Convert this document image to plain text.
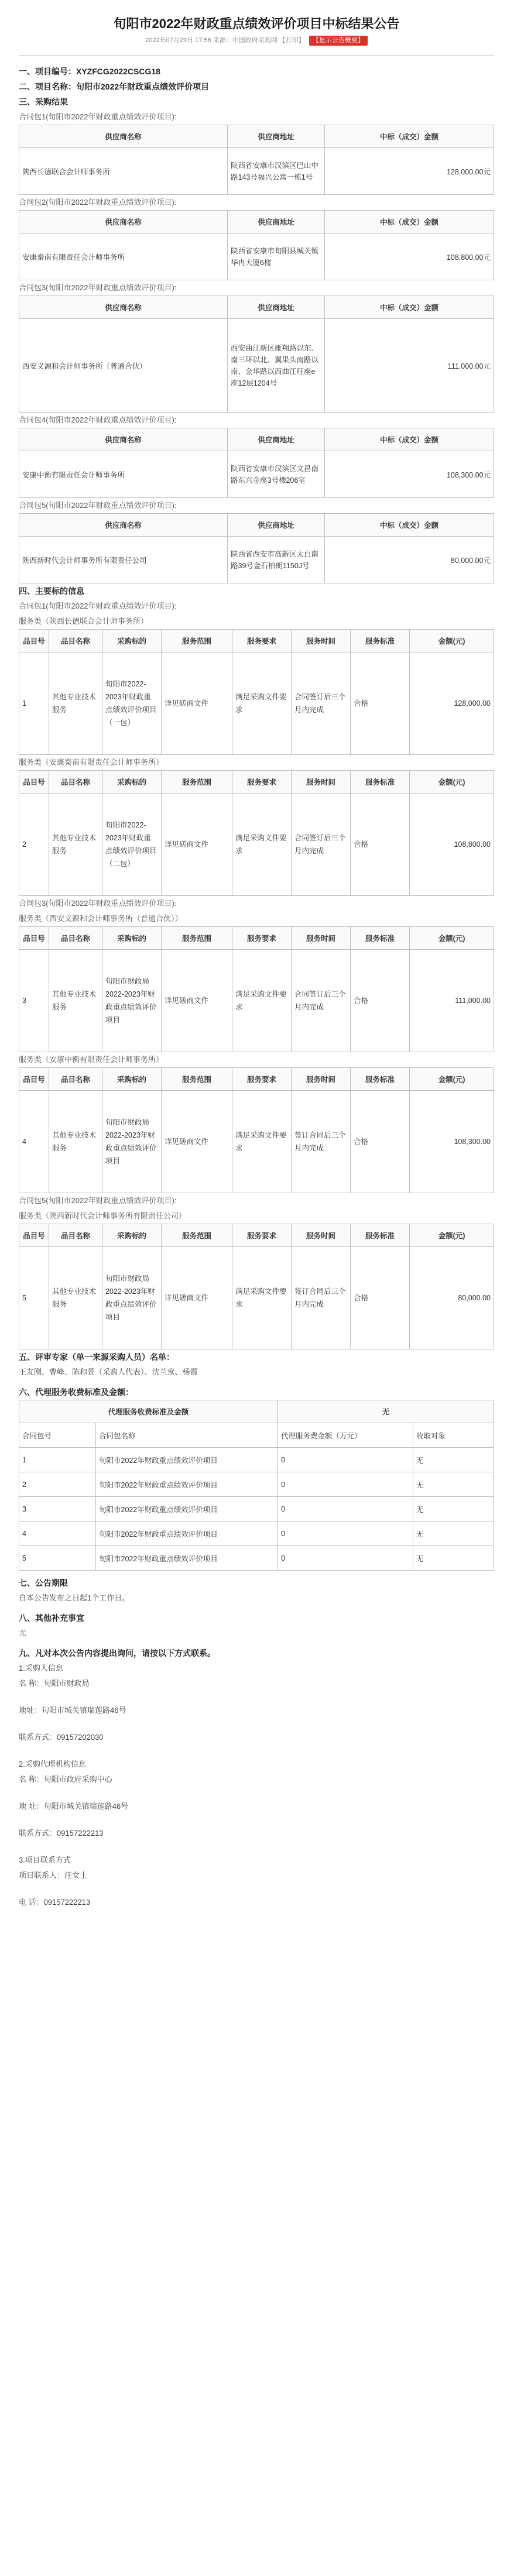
旬阳市2022年财政重点绩效评价项目中标结果公告
2022年07月29日 17:56 来源：中国政府采购网 【打印】 【显示公告概要】
一、项目编号：XYZFCG2022CSCG18
二、项目名称：旬阳市2022年财政重点绩效评价项目
三、采购结果
合同包1(旬阳市2022年财政重点绩效评价项目):
供应商名称	供应商地址	中标（成交）金额
陕西长德联合会计师事务所	陕西省安康市汉滨区巴山中路143号福兴公寓一栋1号	128,000.00元
合同包2(旬阳市2022年财政重点绩效评价项目):
供应商名称	供应商地址	中标（成交）金额
安康秦南有限责任会计师事务所	陕西省安康市旬阳县城关镇华冉大厦6楼	108,800.00元
合同包3(旬阳市2022年财政重点绩效评价项目):
供应商名称	供应商地址	中标（成交）金额
西安义源和会计师事务所（普通合伙）	西安曲江新区雁翔路以东、南三环以北、翼果头南路以南、金华路以西曲江旺座e座12层1204号	111,000.00元
合同包4(旬阳市2022年财政重点绩效评价项目):
供应商名称	供应商地址	中标（成交）金额
安康中衡有限责任会计师事务所	陕西省安康市汉滨区文昌南路东兴金座3号楼206室	108,300.00元
合同包5(旬阳市2022年财政重点绩效评价项目):
供应商名称	供应商地址	中标（成交）金额
陕西新时代会计师事务所有限责任公司	陕西省西安市高新区太白南路39号金石柏朗1150J号	80,000.00元
四、主要标的信息
合同包1(旬阳市2022年财政重点绩效评价项目):
服务类（陕西长德联合会计师事务所）
品目号	品目名称	采购标的	服务范围	服务要求	服务时间	服务标准	金额(元)
1	其他专业技术服务	旬阳市2022-2023年财政重点绩效评价项目（一包）	详见磋商文件	满足采购文件要求	合同签订后三个月内完成	合格	128,000.00
服务类（安康秦南有限责任会计师事务所）
品目号	品目名称	采购标的	服务范围	服务要求	服务时间	服务标准	金额(元)
2	其他专业技术服务	旬阳市2022-2023年财政重点绩效评价项目（二包）	详见磋商文件	满足采购文件要求	合同签订后三个月内完成	合格	108,800.00
合同包3(旬阳市2022年财政重点绩效评价项目):
服务类（西安义源和会计师事务所（普通合伙））
品目号	品目名称	采购标的	服务范围	服务要求	服务时间	服务标准	金额(元)
3	其他专业技术服务	旬阳市财政局2022-2023年财政重点绩效评价项目	详见磋商文件	满足采购文件要求	合同签订后三个月内完成	合格	111,000.00
服务类（安康中衡有限责任会计师事务所）
品目号	品目名称	采购标的	服务范围	服务要求	服务时间	服务标准	金额(元)
4	其他专业技术服务	旬阳市财政局2022-2023年财政重点绩效评价项目	详见磋商文件	满足采购文件要求	签订合同后三个月内完成	合格	108,300.00
合同包5(旬阳市2022年财政重点绩效评价项目):
服务类（陕西新时代会计师事务所有限责任公司）
品目号	品目名称	采购标的	服务范围	服务要求	服务时间	服务标准	金额(元)
5	其他专业技术服务	旬阳市财政局2022-2023年财政重点绩效评价项目	详见磋商文件	满足采购文件要求	签订合同后三个月内完成	合格	80,000.00
五、评审专家（单一来源采购人员）名单：
王友刚、曹峰、陈和景（采购人代表）、沈兰莺、杨霞
六、代理服务收费标准及金额：
代理服务收费标准及金额		无	
合同包号	合同包名称	代理服务费金额（万元）	收取对象
1	旬阳市2022年财政重点绩效评价项目	0	无
2	旬阳市2022年财政重点绩效评价项目	0	无
3	旬阳市2022年财政重点绩效评价项目	0	无
4	旬阳市2022年财政重点绩效评价项目	0	无
5	旬阳市2022年财政重点绩效评价项目	0	无
七、公告期限
自本公告发布之日起1个工作日。
八、其他补充事宜
无
九、凡对本次公告内容提出询问，请按以下方式联系。
1.采购人信息
名 称：旬阳市财政局
地址：旬阳市城关镇瑞莲路46号
联系方式：09157202030
2.采购代理机构信息
名 称：旬阳市政府采购中心
地 址：旬阳市城关镇瑞莲路46号
联系方式：09157222213
3.项目联系方式
项目联系人：汪女士
电 话：09157222213
